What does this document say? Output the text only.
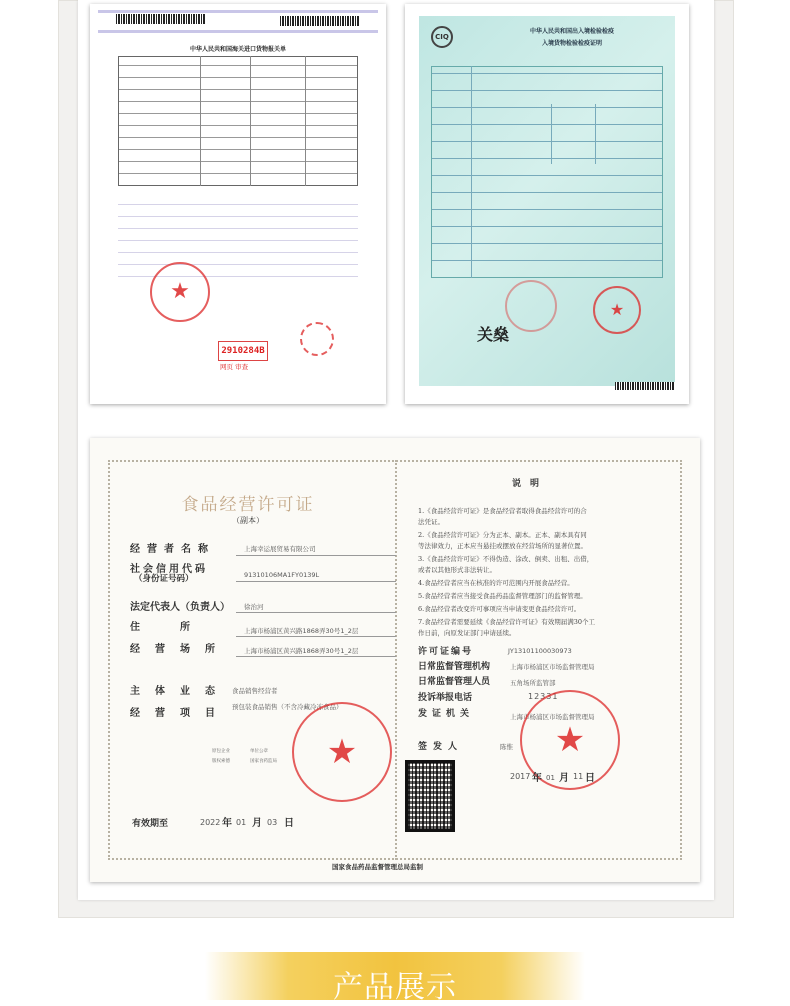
中华人民共和国海关进口货物报关单
★
2910284B
网页 审查
CIQ
中华人民共和国出入境检验检疫
入境货物检验检疫证明
★
关燊
食品经营许可证
（副本）
经营者名称	上海幸运展贸易有限公司
社会信用代码
（身份证号码）	91310106MA1FY0139L
法定代表人（负责人） 徐治河
住所 上海市杨浦区黄兴路1868弄30号1_2层
经营场所 上海市杨浦区黄兴路1868弄30号1_2层
主体业态 食品销售经营者
经营项目
预包装食品销售（不含冷藏冷冻食品）
原包企业
版权索德
单位公章
国家食药监局 ★
有效期至	2022 年 01 月 03 日
说　明
1.《食品经营许可证》是食品经营者取得食品经营许可的合
法凭证。
2.《食品经营许可证》分为正本、副本。正本、副本具有同
等法律效力，正本应当悬挂或摆放在经营场所的显著位置。
3.《食品经营许可证》不得伪造、涂改、倒卖、出租、出借，
或者以其他形式非法转让。
4.食品经营者应当在核准的许可范围内开展食品经营。
5.食品经营者应当接受食品药品监督管理部门的监督管理。
6.食品经营者改变许可事项应当申请变更食品经营许可。
7.食品经营者需要延续《食品经营许可证》有效期届满30个工
作日前，向原发证部门申请延续。
许可证编号	JY13101100030973
日常监督管理机构	上海市杨浦区市场监督管理局
日常监督管理人员	五角场所监管部
投诉举报电话	12331
发证机关	上海市杨浦区市场监督管理局
签发人	陈惟 ★
2017 年 01 月 11 日
国家食品药品监督管理总局监制
产品展示
